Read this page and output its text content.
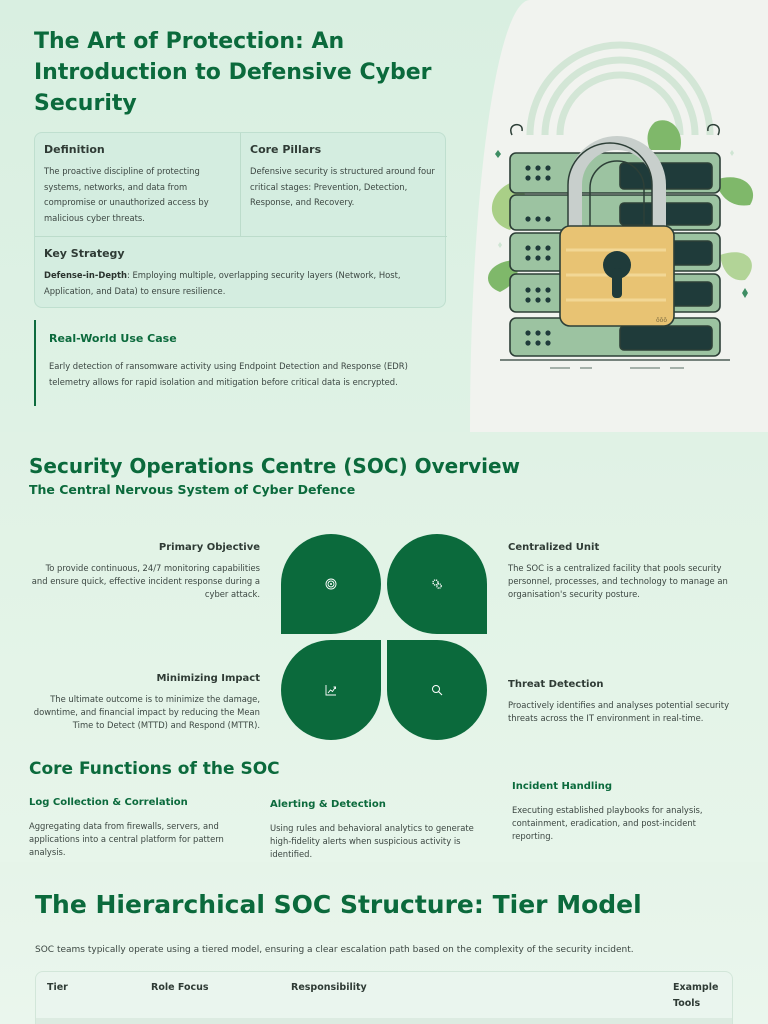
The Art of Protection: An Introduction to Defensive Cyber Security
Definition
The proactive discipline of protecting systems, networks, and data from compromise or unauthorized access by malicious cyber threats.
Core Pillars
Defensive security is structured around four critical stages: Prevention, Detection, Response, and Recovery.
Key Strategy
Defense-in-Depth: Employing multiple, overlapping security layers (Network, Host, Application, and Data) to ensure resilience.
Real-World Use Case
Early detection of ransomware activity using Endpoint Detection and Response (EDR) telemetry allows for rapid isolation and mitigation before critical data is encrypted.
ōōō
Security Operations Centre (SOC) Overview
The Central Nervous System of Cyber Defence
Primary Objective
To provide continuous, 24/7 monitoring capabilities and ensure quick, effective incident response during a cyber attack.
Centralized Unit
The SOC is a centralized facility that pools security personnel, processes, and technology to manage an organisation's security posture.
Minimizing Impact
The ultimate outcome is to minimize the damage, downtime, and financial impact by reducing the Mean Time to Detect (MTTD) and Respond (MTTR).
Threat Detection
Proactively identifies and analyses potential security threats across the IT environment in real-time.
Core Functions of the SOC
Log Collection & Correlation
Aggregating data from firewalls, servers, and applications into a central platform for pattern analysis.
Alerting & Detection
Using rules and behavioral analytics to generate high-fidelity alerts when suspicious activity is identified.
Incident Handling
Executing established playbooks for analysis, containment, eradication, and post-incident reporting.
The Hierarchical SOC Structure: Tier Model

SOC teams typically operate using a tiered model, ensuring a clear escalation path based on the complexity of the security incident.

Tier	Role Focus	Responsibility	Example Tools
